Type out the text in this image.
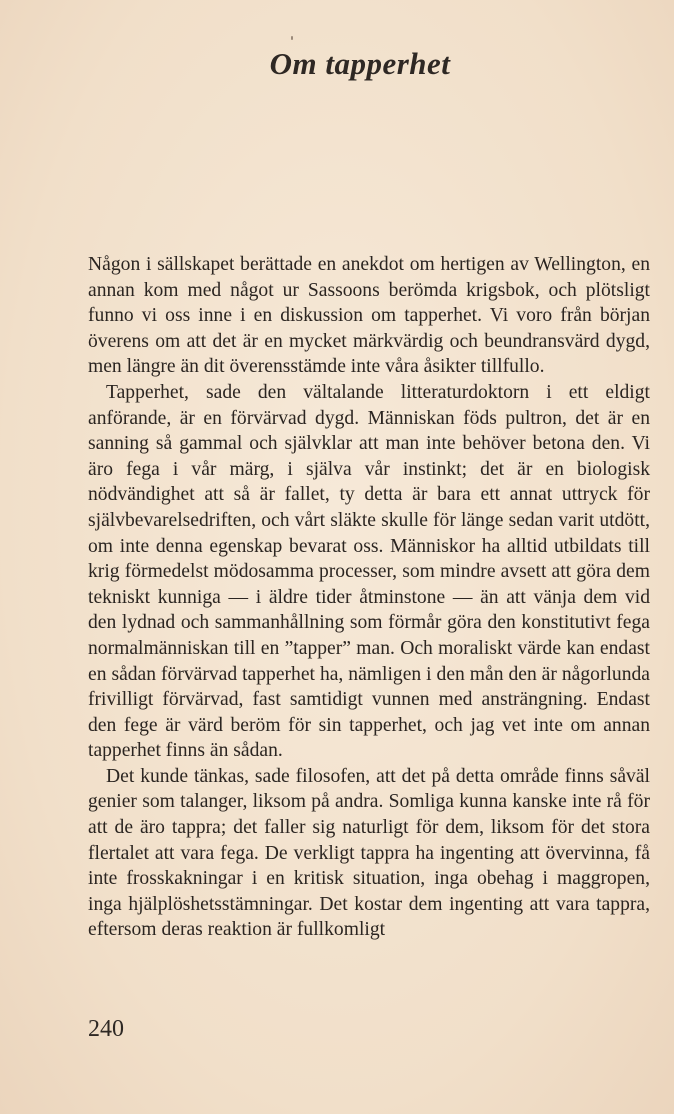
Om tapperhet

Någon i sällskapet berättade en anekdot om hertigen av Wellington, en annan kom med något ur Sassoons berömda krigsbok, och plötsligt funno vi oss inne i en diskussion om tapperhet. Vi voro från början överens om att det är en mycket märkvärdig och beundransvärd dygd, men längre än dit överensstämde inte våra åsikter tillfullo.

Tapperhet, sade den vältalande litteraturdoktorn i ett eldigt anförande, är en förvärvad dygd. Människan föds pultron, det är en sanning så gammal och självklar att man inte behöver betona den. Vi äro fega i vår märg, i själva vår instinkt; det är en biologisk nödvändighet att så är fallet, ty detta är bara ett annat uttryck för självbevarelsedriften, och vårt släkte skulle för länge sedan varit utdött, om inte denna egenskap bevarat oss. Människor ha alltid utbildats till krig förmedelst mödosamma processer, som mindre avsett att göra dem tekniskt kunniga — i äldre tider åtminstone — än att vänja dem vid den lydnad och sammanhållning som förmår göra den konstitutivt fega normalmänniskan till en ”tapper” man. Och moraliskt värde kan endast en sådan förvärvad tapperhet ha, nämligen i den mån den är någorlunda frivilligt förvärvad, fast samtidigt vunnen med ansträngning. Endast den fege är värd beröm för sin tapperhet, och jag vet inte om annan tapperhet finns än sådan.

Det kunde tänkas, sade filosofen, att det på detta område finns såväl genier som talanger, liksom på andra. Somliga kunna kanske inte rå för att de äro tappra; det faller sig naturligt för dem, liksom för det stora flertalet att vara fega. De verkligt tappra ha ingenting att övervinna, få inte frosskakningar i en kritisk situation, inga obehag i maggropen, inga hjälplöshetsstämningar. Det kostar dem ingenting att vara tappra, eftersom deras reaktion är fullkomligt

240
